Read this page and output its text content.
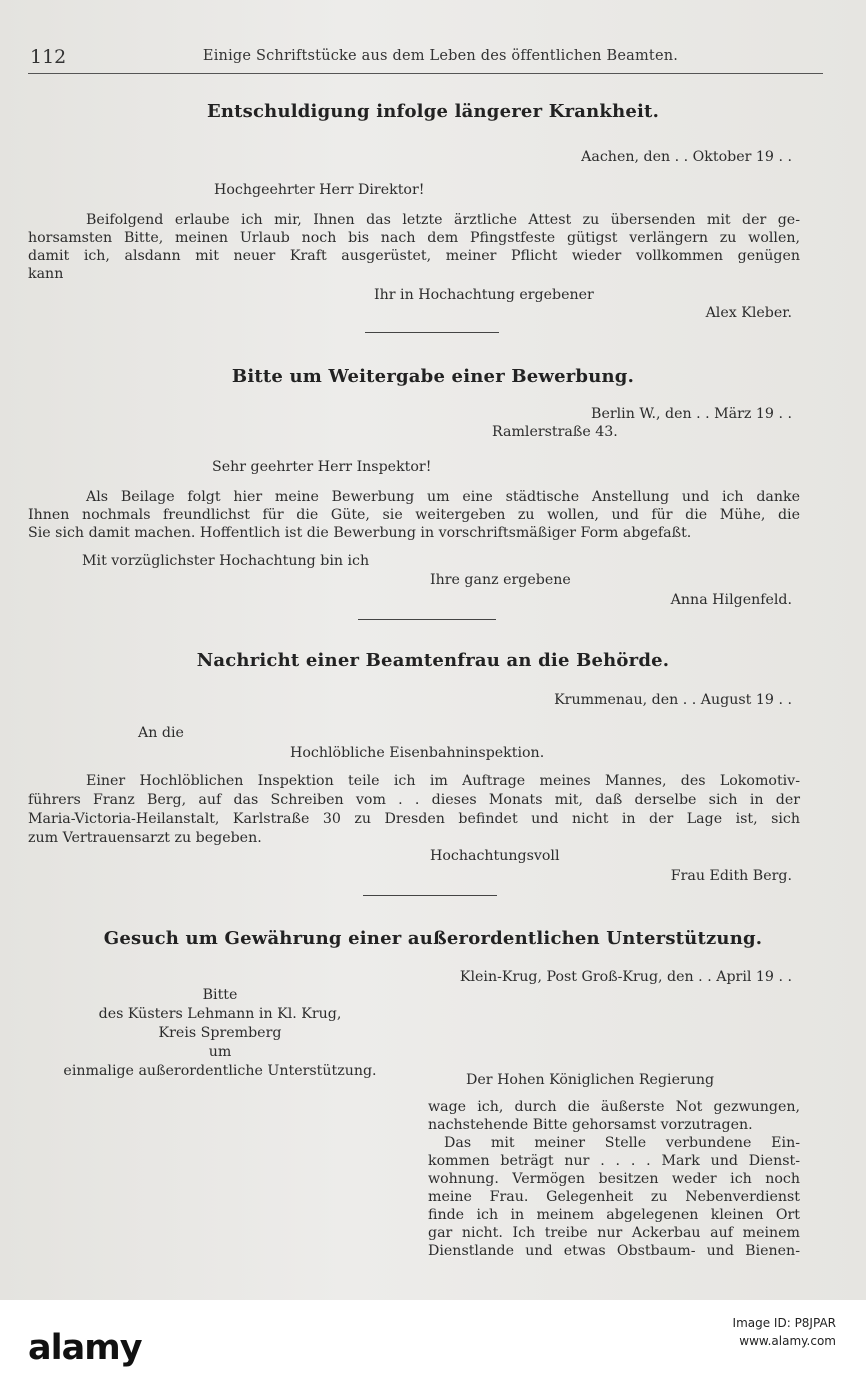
112	Einige Schriftstücke aus dem Leben des öffentlichen Beamten.
Entschuldigung infolge längerer Krankheit.
Aachen, den . . Oktober 19 . .
Hochgeehrter Herr Direktor!
Beifolgend erlaube ich mir, Ihnen das letzte ärztliche Attest zu übersenden mit der ge-
horsamsten Bitte, meinen Urlaub noch bis nach dem Pfingstfeste gütigst verlängern zu wollen,
damit ich, alsdann mit neuer Kraft ausgerüstet, meiner Pflicht wieder vollkommen genügen
kann
Ihr in Hochachtung ergebener
Alex Kleber.
Bitte um Weitergabe einer Bewerbung.
Berlin W., den . . März 19 . .
Ramlerstraße 43.
Sehr geehrter Herr Inspektor!
Als Beilage folgt hier meine Bewerbung um eine städtische Anstellung und ich danke
Ihnen nochmals freundlichst für die Güte, sie weitergeben zu wollen, und für die Mühe, die
Sie sich damit machen. Hoffentlich ist die Bewerbung in vorschriftsmäßiger Form abgefaßt.
Mit vorzüglichster Hochachtung bin ich
Ihre ganz ergebene
Anna Hilgenfeld.
Nachricht einer Beamtenfrau an die Behörde.
Krummenau, den . . August 19 . .
An die
Hochlöbliche Eisenbahninspektion.
Einer Hochlöblichen Inspektion teile ich im Auftrage meines Mannes, des Lokomotiv-
führers Franz Berg, auf das Schreiben vom . . dieses Monats mit, daß derselbe sich in der
Maria-Victoria-Heilanstalt, Karlstraße 30 zu Dresden befindet und nicht in der Lage ist, sich
zum Vertrauensarzt zu begeben.
Hochachtungsvoll
Frau Edith Berg.
Gesuch um Gewährung einer außerordentlichen Unterstützung.
Klein-Krug, Post Groß-Krug, den . . April 19 . .
Bitte
des Küsters Lehmann in Kl. Krug,
Kreis Spremberg
um
einmalige außerordentliche Unterstützung.
Der Hohen Königlichen Regierung
wage ich, durch die äußerste Not gezwungen,
nachstehende Bitte gehorsamst vorzutragen.
Das mit meiner Stelle verbundene Ein-
kommen beträgt nur . . . . Mark und Dienst-
wohnung. Vermögen besitzen weder ich noch
meine Frau. Gelegenheit zu Nebenverdienst
finde ich in meinem abgelegenen kleinen Ort
gar nicht. Ich treibe nur Ackerbau auf meinem
Dienstlande und etwas Obstbaum- und Bienen-
alamy
Image ID: P8JPAR
www.alamy.com
